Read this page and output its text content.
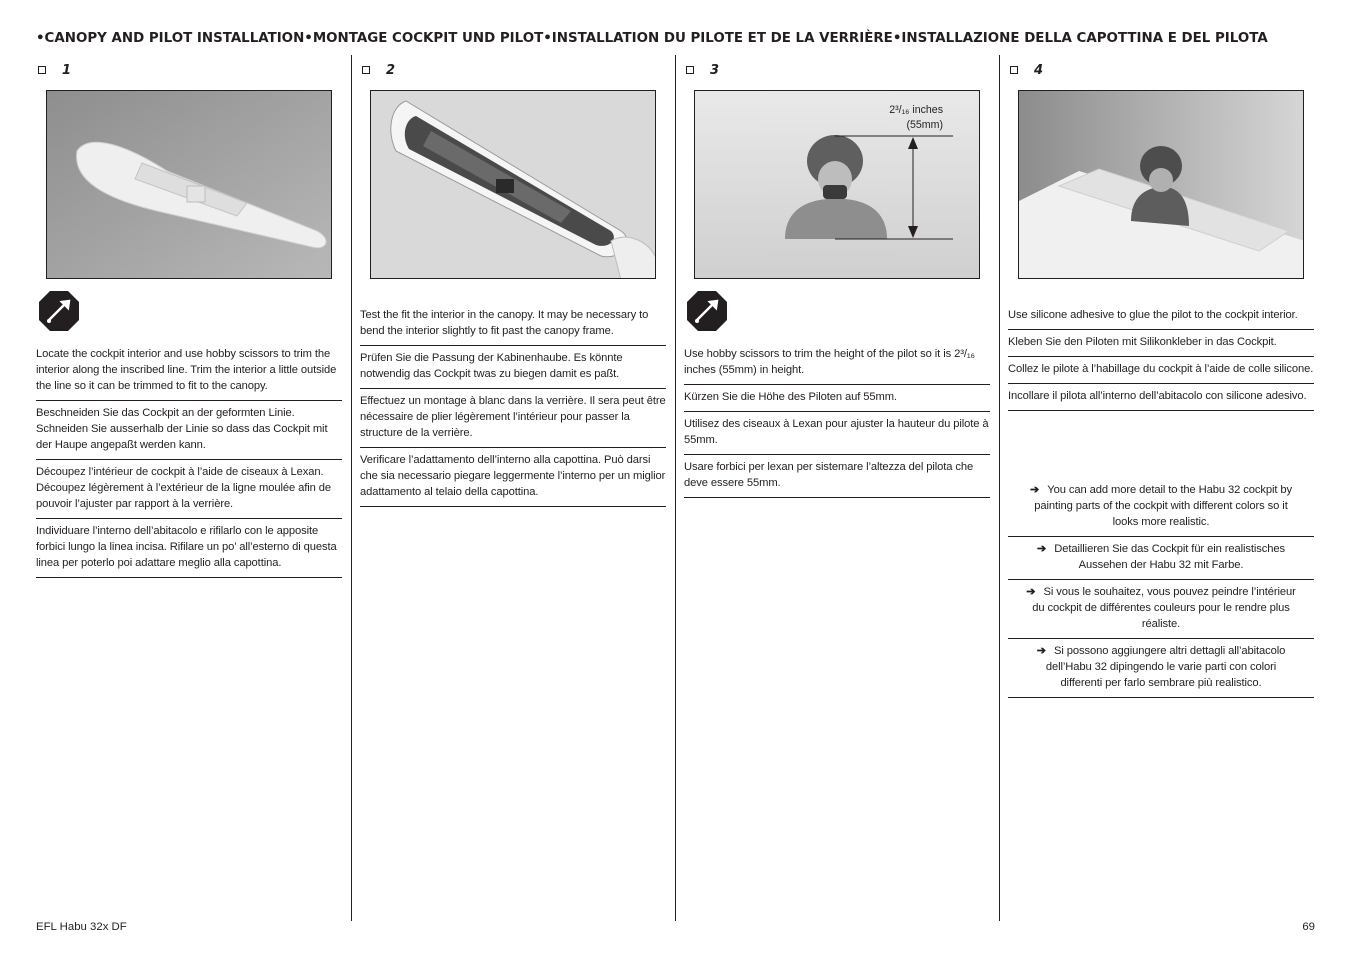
•CANOPY AND PILOT INSTALLATION•MONTAGE COCKPIT UND PILOT•INSTALLATION DU PILOTE ET DE LA VERRIÈRE•INSTALLAZIONE DELLA CAPOTTINA E DEL PILOTA
1
Locate the cockpit interior and use hobby scissors to trim the interior along the inscribed line. Trim the interior a little outside the line so it can be trimmed to fit to the canopy.
Beschneiden Sie das Cockpit an der geformten Linie. Schneiden Sie ausserhalb der Linie so dass das Cockpit mit der Haupe angepaßt werden kann.
Découpez l’intérieur de cockpit à l’aide de ciseaux à Lexan. Découpez légèrement à l’extérieur de la ligne moulée afin de pouvoir l’ajuster par rapport à la verrière.
Individuare l’interno dell’abitacolo e rifilarlo con le apposite forbici lungo la linea incisa. Rifilare un po’ all’esterno di questa linea per poterlo poi adattare meglio alla capottina.
2
Test the fit the interior in the canopy. It may be necessary to bend the interior slightly to fit past the canopy frame.
Prüfen Sie die Passung der Kabinenhaube. Es könnte notwendig das Cockpit twas zu biegen damit es paßt.
Effectuez un montage à blanc dans la verrière. Il sera peut être nécessaire de plier légèrement l’intérieur pour passer la structure de la verrière.
Verificare l’adattamento dell’interno alla capottina. Può darsi che sia necessario piegare leggermente l’interno per un miglior adattamento al telaio della capottina.
3
2³/₁₆ inches (55mm)
Use hobby scissors to trim the height of the pilot so it is 2³/₁₆ inches (55mm) in height.
Kürzen Sie die Höhe des Piloten auf 55mm.
Utilisez des ciseaux à Lexan pour ajuster la hauteur du pilote à 55mm.
Usare forbici per lexan per sistemare l’altezza del pilota che deve essere 55mm.
4
Use silicone adhesive to glue the pilot to the cockpit interior.
Kleben Sie den Piloten mit Silikonkleber in das Cockpit.
Collez le pilote à l’habillage du cockpit à l’aide de colle silicone.
Incollare il pilota all’interno dell’abitacolo con silicone adesivo.
➔ You can add more detail to the Habu 32 cockpit by painting parts of the cockpit with different colors so it looks more realistic.
➔ Detaillieren Sie das Cockpit für ein realistisches Aussehen der Habu 32 mit Farbe.
➔ Si vous le souhaitez, vous pouvez peindre l’intérieur du cockpit de différentes couleurs pour le rendre plus réaliste.
➔ Si possono aggiungere altri dettagli all’abitacolo dell’Habu 32 dipingendo le varie parti con colori differenti per farlo sembrare più realistico.
EFL Habu 32x DF	69
